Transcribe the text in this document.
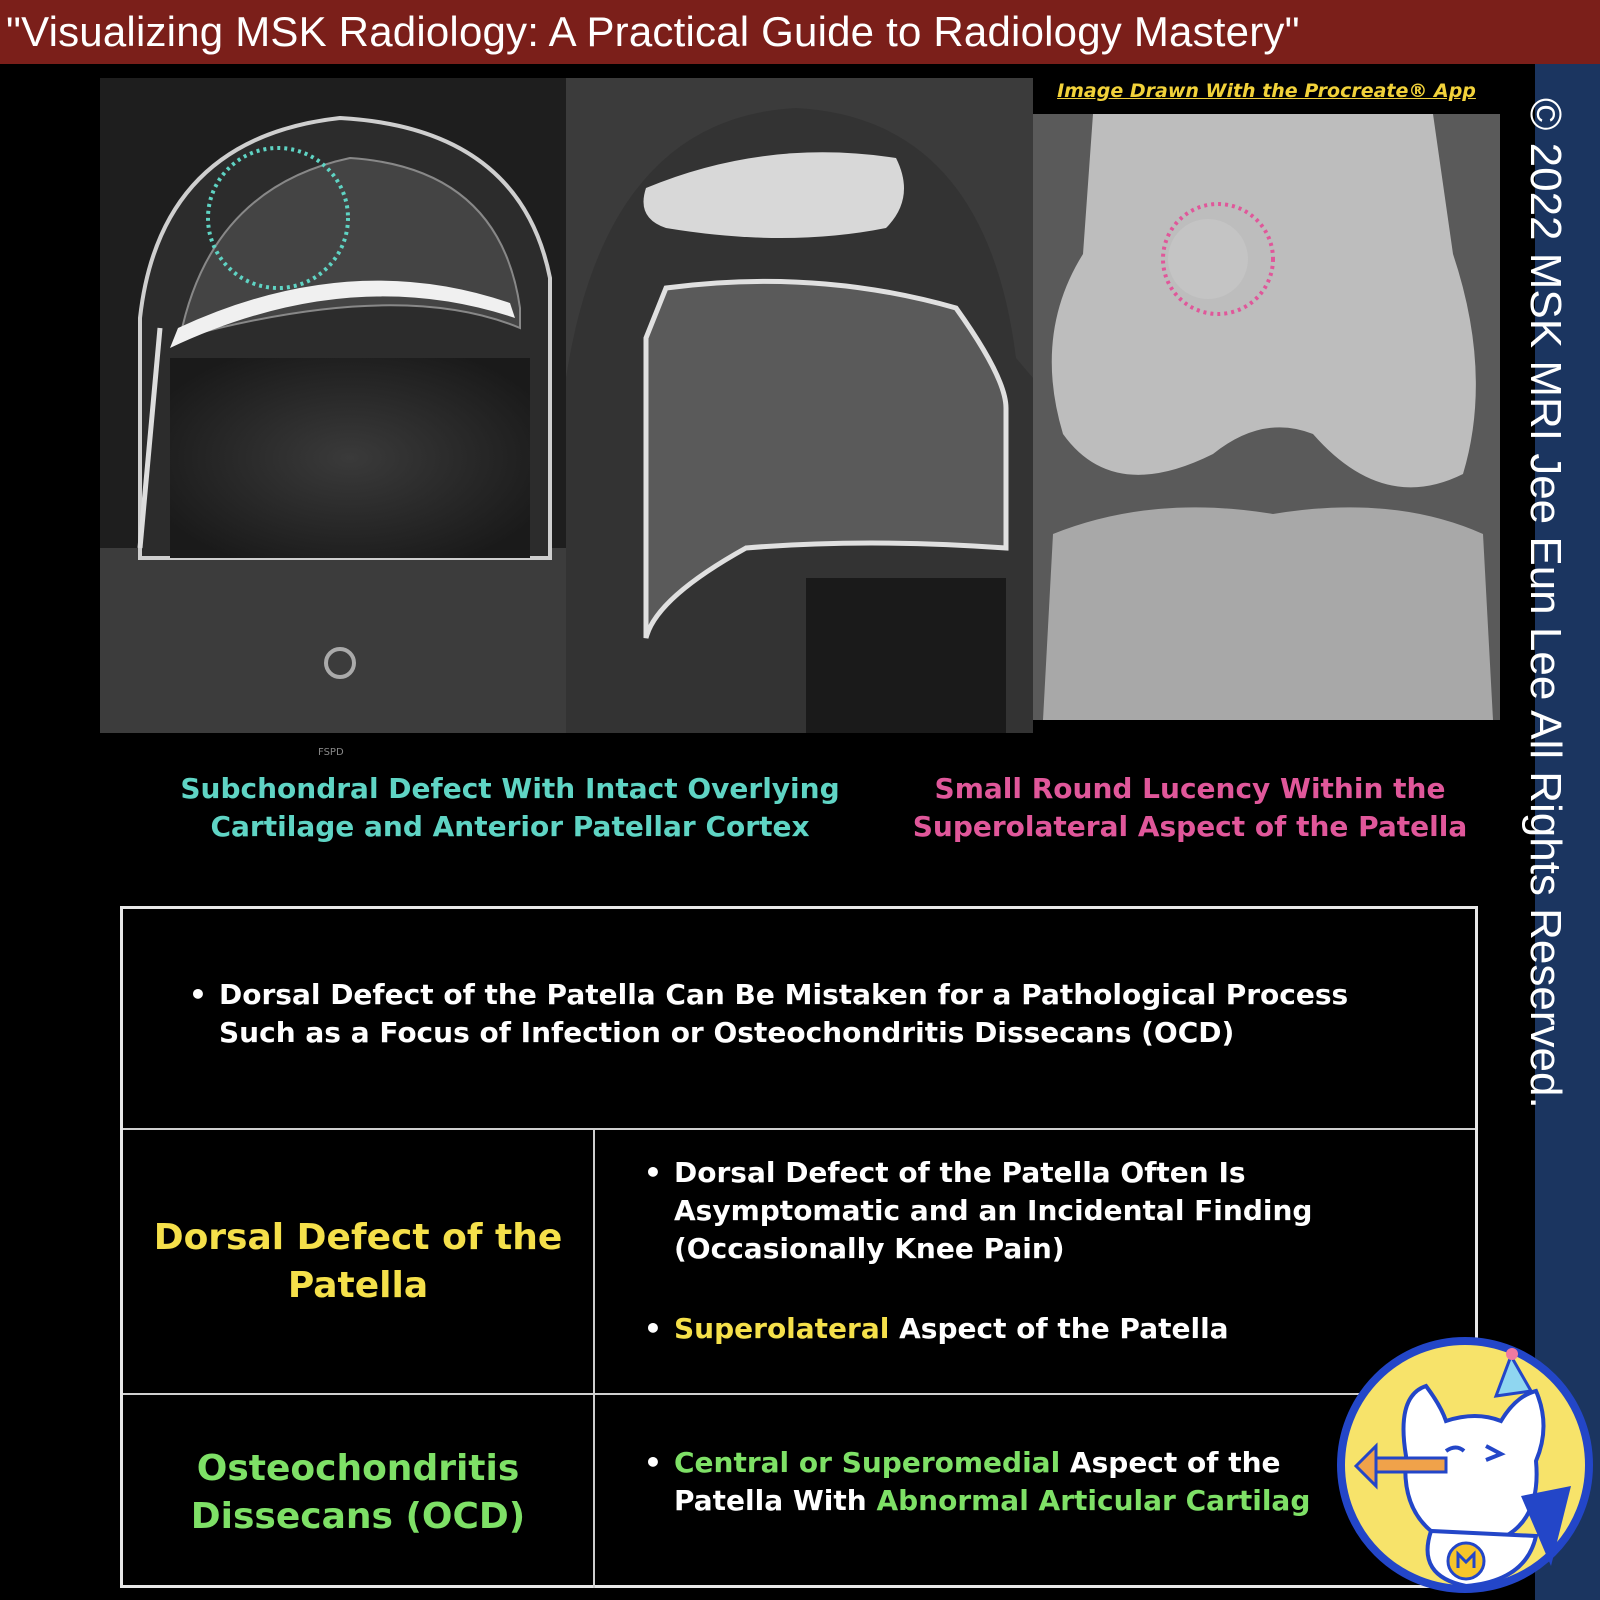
"Visualizing MSK Radiology: A Practical Guide to Radiology Mastery"
© 2022 MSK MRI Jee Eun Lee All Rights Reserved.
FSPD
Image Drawn With the Procreate® App
Subchondral Defect With Intact Overlying Cartilage and Anterior Patellar Cortex
Small Round Lucency Within the Superolateral Aspect of the Patella
• Dorsal Defect of the Patella Can Be Mistaken for a Pathological Process Such as a Focus of Infection or Osteochondritis Dissecans (OCD)
Dorsal Defect of the Patella
• Dorsal Defect of the Patella Often Is Asymptomatic and an Incidental Finding (Occasionally Knee Pain)
• Superolateral Aspect of the Patella
Osteochondritis Dissecans (OCD)
• Central or Superomedial Aspect of the Patella With Abnormal Articular Cartilag
